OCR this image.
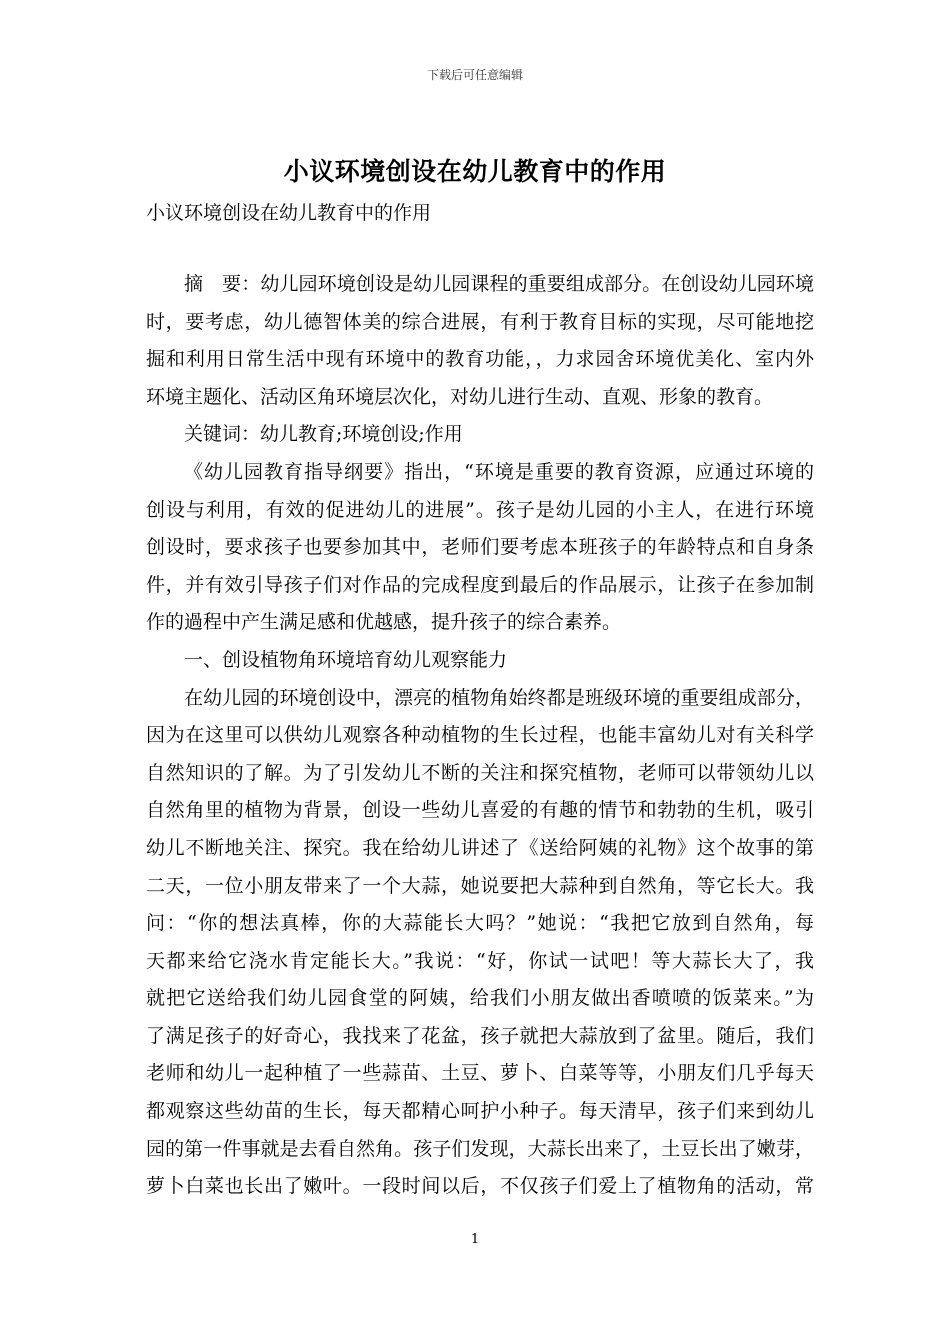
下载后可任意编辑
小议环境创设在幼儿教育中的作用
小议环境创设在幼儿教育中的作用
摘　要：幼儿园环境创设是幼儿园课程的重要组成部分。在创设幼儿园环境
时，要考虑，幼儿德智体美的综合进展，有利于教育目标的实现，尽可能地挖
掘和利用日常生活中现有环境中的教育功能，，力求园舍环境优美化、室内外
环境主题化、活动区角环境层次化，对幼儿进行生动、直观、形象的教育。
关键词：幼儿教育;环境创设;作用
《幼儿园教育指导纲要》指出，“环境是重要的教育资源，应通过环境的
创设与利用，有效的促进幼儿的进展”。孩子是幼儿园的小主人，在进行环境
创设时，要求孩子也要参加其中，老师们要考虑本班孩子的年龄特点和自身条
件，并有效引导孩子们对作品的完成程度到最后的作品展示，让孩子在参加制
作的過程中产生满足感和优越感，提升孩子的综合素养。
一、创设植物角环境培育幼儿观察能力
在幼儿园的环境创设中，漂亮的植物角始终都是班级环境的重要组成部分，
因为在这里可以供幼儿观察各种动植物的生长过程，也能丰富幼儿对有关科学
自然知识的了解。为了引发幼儿不断的关注和探究植物，老师可以带领幼儿以
自然角里的植物为背景，创设一些幼儿喜爱的有趣的情节和勃勃的生机，吸引
幼儿不断地关注、探究。我在给幼儿讲述了《送给阿姨的礼物》这个故事的第
二天，一位小朋友带来了一个大蒜，她说要把大蒜种到自然角，等它长大。我
问：“你的想法真棒，你的大蒜能长大吗？”她说：“我把它放到自然角，每
天都来给它浇水肯定能长大。”我说：“好，你试一试吧！等大蒜长大了，我
就把它送给我们幼儿园食堂的阿姨，给我们小朋友做出香喷喷的饭菜来。”为
了满足孩子的好奇心，我找来了花盆，孩子就把大蒜放到了盆里。随后，我们
老师和幼儿一起种植了一些蒜苗、土豆、萝卜、白菜等等，小朋友们几乎每天
都观察这些幼苗的生长，每天都精心呵护小种子。每天清早，孩子们来到幼儿
园的第一件事就是去看自然角。孩子们发现，大蒜长出来了，土豆长出了嫩芽，
萝卜白菜也长出了嫩叶。一段时间以后，不仅孩子们爱上了植物角的活动，常
1
